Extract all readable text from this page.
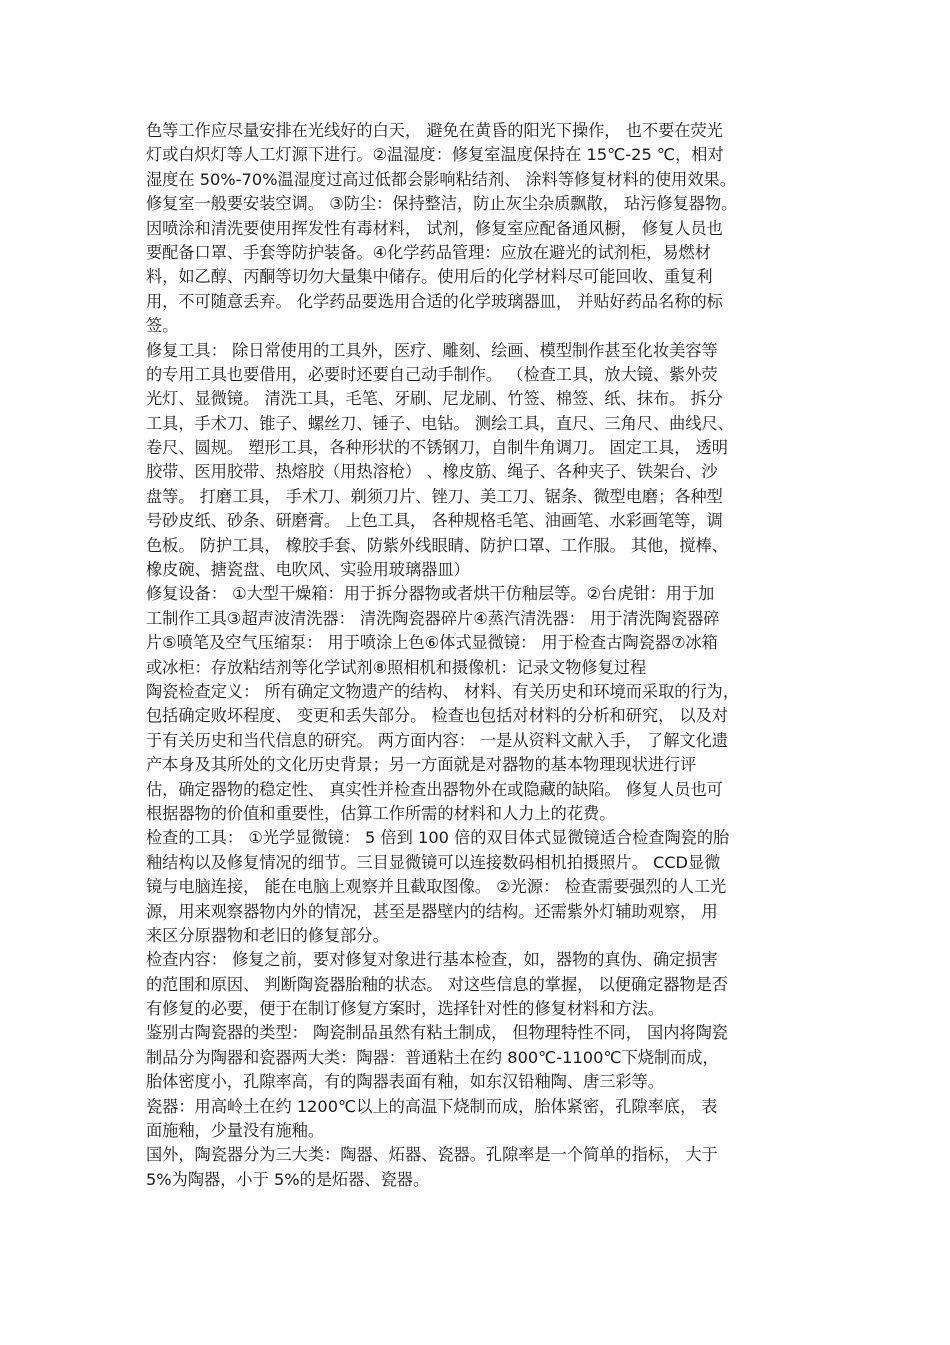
色等工作应尽量安排在光线好的白天， 避免在黄昏的阳光下操作， 也不要在荧光
灯或白炽灯等人工灯源下进行。②温湿度：修复室温度保持在 15℃-25 ℃，相对
湿度在 50%-70%温湿度过高过低都会影响粘结剂、 涂料等修复材料的使用效果。
修复室一般要安装空调。 ③防尘：保持整洁，防止灰尘杂质飘散， 玷污修复器物。
因喷涂和清洗要使用挥发性有毒材料， 试剂，修复室应配备通风橱， 修复人员也
要配备口罩、手套等防护装备。④化学药品管理：应放在避光的试剂柜，易燃材
料，如乙醇、丙酮等切勿大量集中储存。使用后的化学材料尽可能回收、重复利
用，不可随意丢弃。 化学药品要选用合适的化学玻璃器皿， 并贴好药品名称的标
签。
修复工具： 除日常使用的工具外，医疗、雕刻、绘画、模型制作甚至化妆美容等
的专用工具也要借用，必要时还要自己动手制作。 （检查工具，放大镜、紫外荧
光灯、显微镜。 清洗工具，毛笔、牙刷、尼龙刷、竹签、棉签、纸、抹布。 拆分
工具，手术刀、锥子、螺丝刀、锤子、电钻。 测绘工具，直尺、三角尺、曲线尺、
卷尺、圆规。 塑形工具，各种形状的不锈钢刀，自制牛角调刀。 固定工具， 透明
胶带、医用胶带、热熔胶（用热溶枪） 、橡皮筋、绳子、各种夹子、铁架台、沙
盘等。 打磨工具， 手术刀、剃须刀片、锉刀、美工刀、锯条、微型电磨；各种型
号砂皮纸、砂条、研磨膏。 上色工具， 各种规格毛笔、油画笔、水彩画笔等，调
色板。 防护工具， 橡胶手套、防紫外线眼睛、防护口罩、工作服。 其他，搅棒、
橡皮碗、搪瓷盘、电吹风、实验用玻璃器皿）
修复设备： ①大型干燥箱：用于拆分器物或者烘干仿釉层等。②台虎钳：用于加
工制作工具③超声波清洗器： 清洗陶瓷器碎片④蒸汽清洗器： 用于清洗陶瓷器碎
片⑤喷笔及空气压缩泵： 用于喷涂上色⑥体式显微镜： 用于检查古陶瓷器⑦冰箱
或冰柜：存放粘结剂等化学试剂⑧照相机和摄像机：记录文物修复过程
陶瓷检查定义： 所有确定文物遗产的结构、 材料、有关历史和环境而采取的行为，
包括确定败坏程度、 变更和丢失部分。 检查也包括对材料的分析和研究， 以及对
于有关历史和当代信息的研究。 两方面内容： 一是从资料文献入手， 了解文化遗
产本身及其所处的文化历史背景；另一方面就是对器物的基本物理现状进行评
估，确定器物的稳定性、 真实性并检查出器物外在或隐藏的缺陷。 修复人员也可
根据器物的价值和重要性，估算工作所需的材料和人力上的花费。
检查的工具： ①光学显微镜： 5 倍到 100 倍的双目体式显微镜适合检查陶瓷的胎
釉结构以及修复情况的细节。三目显微镜可以连接数码相机拍摄照片。 CCD显微
镜与电脑连接， 能在电脑上观察并且截取图像。 ②光源： 检查需要强烈的人工光
源，用来观察器物内外的情况，甚至是器壁内的结构。还需紫外灯辅助观察， 用
来区分原器物和老旧的修复部分。
检查内容： 修复之前，要对修复对象进行基本检查，如，器物的真伪、确定损害
的范围和原因、 判断陶瓷器胎釉的状态。 对这些信息的掌握， 以便确定器物是否
有修复的必要，便于在制订修复方案时，选择针对性的修复材料和方法。
鉴别古陶瓷器的类型： 陶瓷制品虽然有粘土制成， 但物理特性不同， 国内将陶瓷
制品分为陶器和瓷器两大类：陶器：普通粘土在约 800℃-1100℃下烧制而成，
胎体密度小，孔隙率高，有的陶器表面有釉，如东汉铅釉陶、唐三彩等。
瓷器：用高岭土在约 1200℃以上的高温下烧制而成，胎体紧密，孔隙率底， 表
面施釉，少量没有施釉。
国外，陶瓷器分为三大类：陶器、炻器、瓷器。孔隙率是一个简单的指标， 大于
5%为陶器，小于 5%的是炻器、瓷器。
